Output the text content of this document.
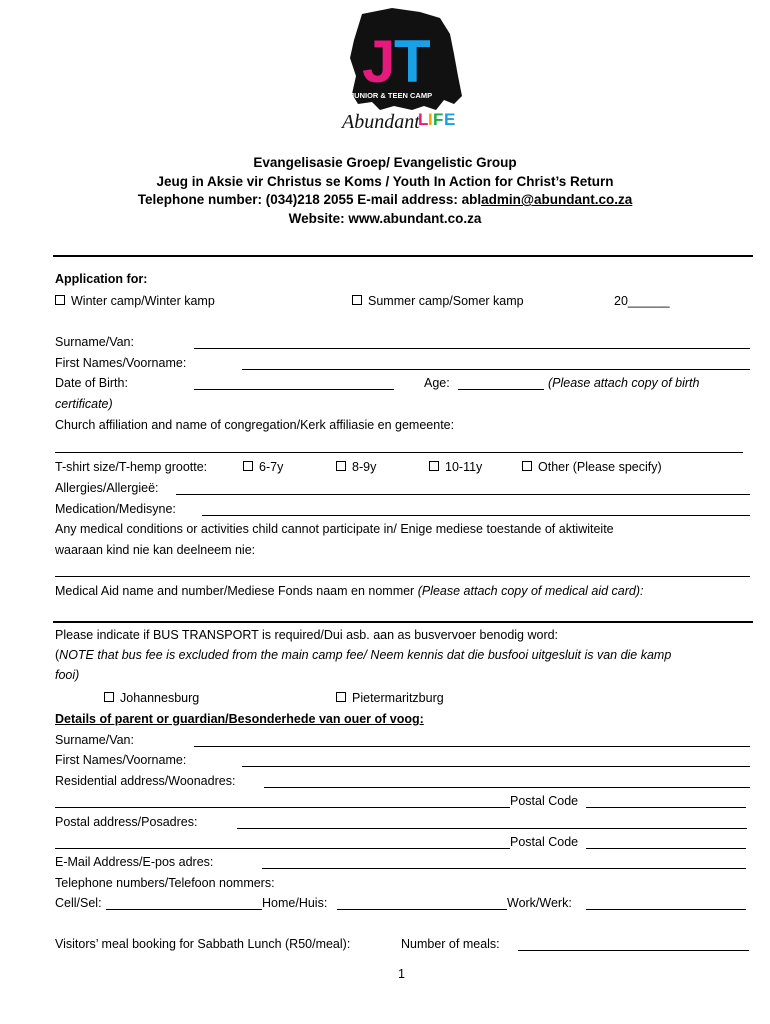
J
T
JUNIOR & TEEN CAMP
Abundant
L I F E
Evangelisasie Groep/ Evangelistic Group
Jeug in Aksie vir Christus se Koms / Youth In Action for Christ’s Return
Telephone number: (034)218 2055 E-mail address: abladmin@abundant.co.za
Website: www.abundant.co.za
Application for:
Winter camp/Winter kamp	Summer camp/Somer kamp	20______
Surname/Van:
First Names/Voorname:
Date of Birth:	Age:	(Please attach copy of birth
certificate)
Church affiliation and name of congregation/Kerk affiliasie en gemeente:
T-shirt size/T-hemp grootte:	6-7y	8-9y	10-11y	Other (Please specify)
Allergies/Allergieë:
Medication/Medisyne:
Any medical conditions or activities child cannot participate in/ Enige mediese toestande of aktiwiteite
waaraan kind nie kan deelneem nie:
Medical Aid name and number/Mediese Fonds naam en nommer (Please attach copy of medical aid card):
Please indicate if BUS TRANSPORT is required/Dui asb. aan as busvervoer benodig word:
(NOTE that bus fee is excluded from the main camp fee/ Neem kennis dat die busfooi uitgesluit is van die kamp
fooi)
Johannesburg	Pietermaritzburg
Details of parent or guardian/Besonderhede van ouer of voog:
Surname/Van:
First Names/Voorname:
Residential address/Woonadres:
Postal Code
Postal address/Posadres:
Postal Code
E-Mail Address/E-pos adres:
Telephone numbers/Telefoon nommers:
Cell/Sel:	Home/Huis:	Work/Werk:
Visitors’ meal booking for Sabbath Lunch (R50/meal):	Number of meals:
1
